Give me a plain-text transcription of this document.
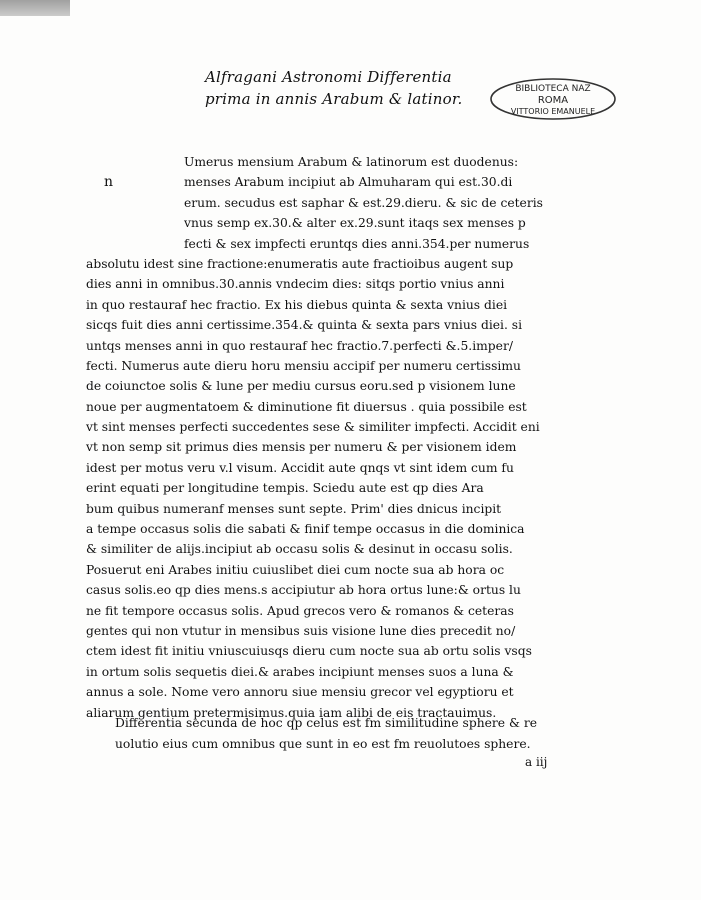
Alfragani Astronomi Differentia
prima in annis Arabum & latinor.
BIBLIOTECA NAZ
ROMA
VITTORIO EMANUELE
n
Umerus mensium Arabum & latinorum est duodenus:
menses Arabum incipiut ab Almuharam qui est.30.di
erum. secudus est saphar & est.29.dieru. & sic de ceteris
vnus semp ex.30.& alter ex.29.sunt itaqs sex menses p
fecti & sex impfecti eruntqs dies anni.354.per numerus
absolutu idest sine fractione:enumeratis aute fractioibus augent sup
dies anni in omnibus.30.annis vndecim dies: sitqs portio vnius anni
in quo restauraf hec fractio. Ex his diebus quinta & sexta vnius diei
sicqs fuit dies anni certissime.354.& quinta & sexta pars vnius diei. si
untqs menses anni in quo restauraf hec fractio.7.perfecti &.5.imper/
fecti. Numerus aute dieru horu mensiu accipif per numeru certissimu
de coiunctoe solis & lune per mediu cursus eoru.sed p visionem lune
noue per augmentatoem & diminutione fit diuersus . quia possibile est
vt sint menses perfecti succedentes sese & similiter impfecti. Accidit eni
vt non semp sit primus dies mensis per numeru & per visionem idem
idest per motus veru v.l visum. Accidit aute qnqs vt sint idem cum fu
erint equati per longitudine tempis. Sciedu aute est qp dies Ara
bum quibus numeranf menses sunt septe. Prim' dies dnicus incipit
a tempe occasus solis die sabati & finif tempe occasus in die dominica
& similiter de alijs.incipiut ab occasu solis & desinut in occasu solis.
Posuerut eni Arabes initiu cuiuslibet diei cum nocte sua ab hora oc
casus solis.eo qp dies mens.s accipiutur ab hora ortus lune:& ortus lu
ne fit tempore occasus solis. Apud grecos vero & romanos & ceteras
gentes qui non vtutur in mensibus suis visione lune dies precedit no/
ctem idest fit initiu vniuscuiusqs dieru cum nocte sua ab ortu solis vsqs
in ortum solis sequetis diei.& arabes incipiunt menses suos a luna &
annus a sole. Nome vero annoru siue mensiu grecor vel egyptioru et
aliarum gentium pretermisimus.quia iam alibi de eis tractauimus.
Differentia secunda de hoc qp celus est fm similitudine sphere & re
uolutio eius cum omnibus que sunt in eo est fm reuolutoes sphere.
a iij
